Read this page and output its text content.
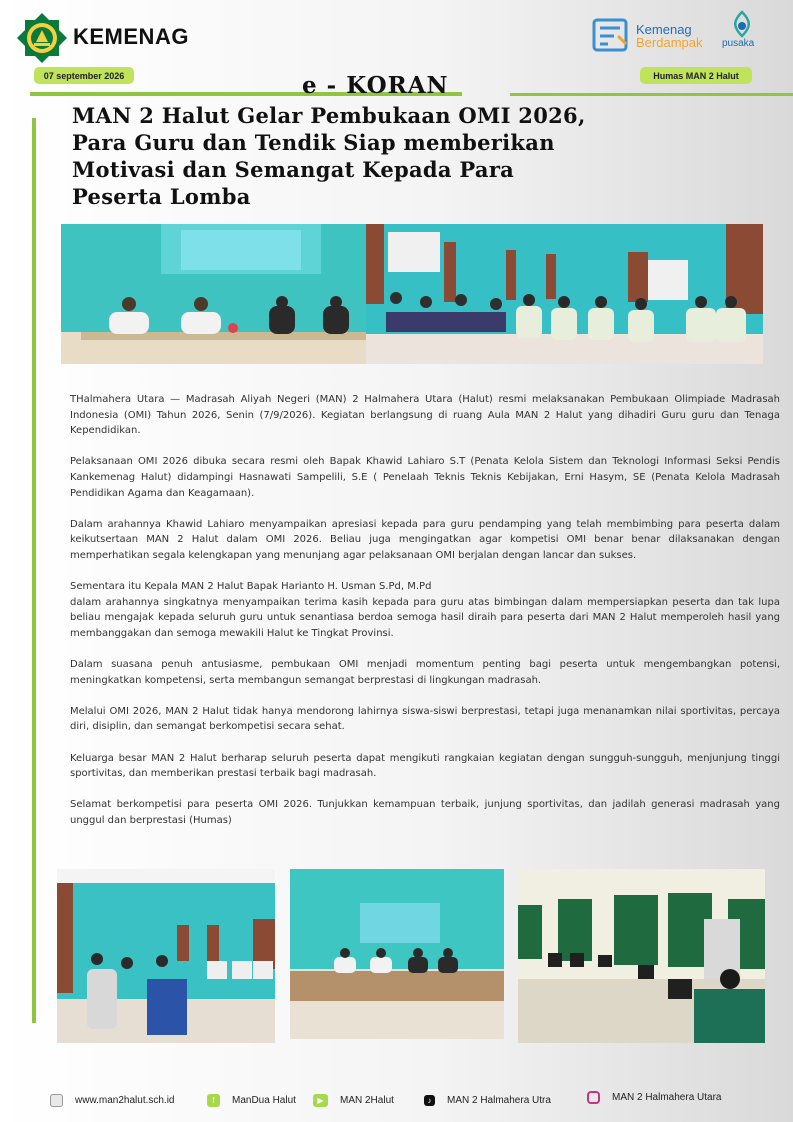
KEMENAG	Kemenag
Berdampak pusaka
07 september 2026	Humas MAN 2 Halut
e - KORAN
MAN 2 Halut Gelar Pembukaan OMI 2026, Para Guru dan Tendik Siap memberikan Motivasi dan Semangat Kepada Para Peserta Lomba

THalmahera Utara — Madrasah Aliyah Negeri (MAN) 2 Halmahera Utara (Halut) resmi melaksanakan Pembukaan Olimpiade Madrasah Indonesia (OMI) Tahun 2026, Senin (7/9/2026). Kegiatan berlangsung di ruang Aula MAN 2 Halut yang dihadiri Guru guru dan Tenaga Kependidikan.

Pelaksanaan OMI 2026 dibuka secara resmi oleh Bapak Khawid Lahiaro S.T (Penata Kelola Sistem dan Teknologi Informasi Seksi Pendis Kankemenag Halut) didampingi Hasnawati Sampelili, S.E ( Penelaah Teknis Teknis Kebijakan, Erni Hasym, SE (Penata Kelola Madrasah Pendidikan Agama dan Keagamaan).

Dalam arahannya Khawid Lahiaro menyampaikan apresiasi kepada para guru pendamping yang telah membimbing para peserta dalam keikutsertaan MAN 2 Halut dalam OMI 2026. Beliau juga mengingatkan agar kompetisi OMI benar benar dilaksanakan dengan memperhatikan segala kelengkapan yang menunjang agar pelaksanaan OMI berjalan dengan lancar dan sukses.

Sementara itu Kepala MAN 2 Halut Bapak Harianto H. Usman S.Pd, M.Pd

dalam arahannya singkatnya menyampaikan terima kasih kepada para guru atas bimbingan dalam mempersiapkan peserta dan tak lupa beliau mengajak kepada seluruh guru untuk senantiasa berdoa semoga hasil diraih para peserta dari MAN 2 Halut memperoleh hasil yang membanggakan dan semoga mewakili Halut ke Tingkat Provinsi.

Dalam suasana penuh antusiasme, pembukaan OMI menjadi momentum penting bagi peserta untuk mengembangkan potensi, meningkatkan kompetensi, serta membangun semangat berprestasi di lingkungan madrasah.

Melalui OMI 2026, MAN 2 Halut tidak hanya mendorong lahirnya siswa-siswi berprestasi, tetapi juga menanamkan nilai sportivitas, percaya diri, disiplin, dan semangat berkompetisi secara sehat.

Keluarga besar MAN 2 Halut berharap seluruh peserta dapat mengikuti rangkaian kegiatan dengan sungguh-sungguh, menjunjung tinggi sportivitas, dan memberikan prestasi terbaik bagi madrasah.

Selamat berkompetisi para peserta OMI 2026. Tunjukkan kemampuan terbaik, junjung sportivitas, dan jadilah generasi madrasah yang unggul dan berprestasi (Humas)

www.man2halut.sch.id	f	ManDua Halut	▶	MAN 2Halut	♪	MAN 2 Halmahera Utra	MAN 2 Halmahera Utara
